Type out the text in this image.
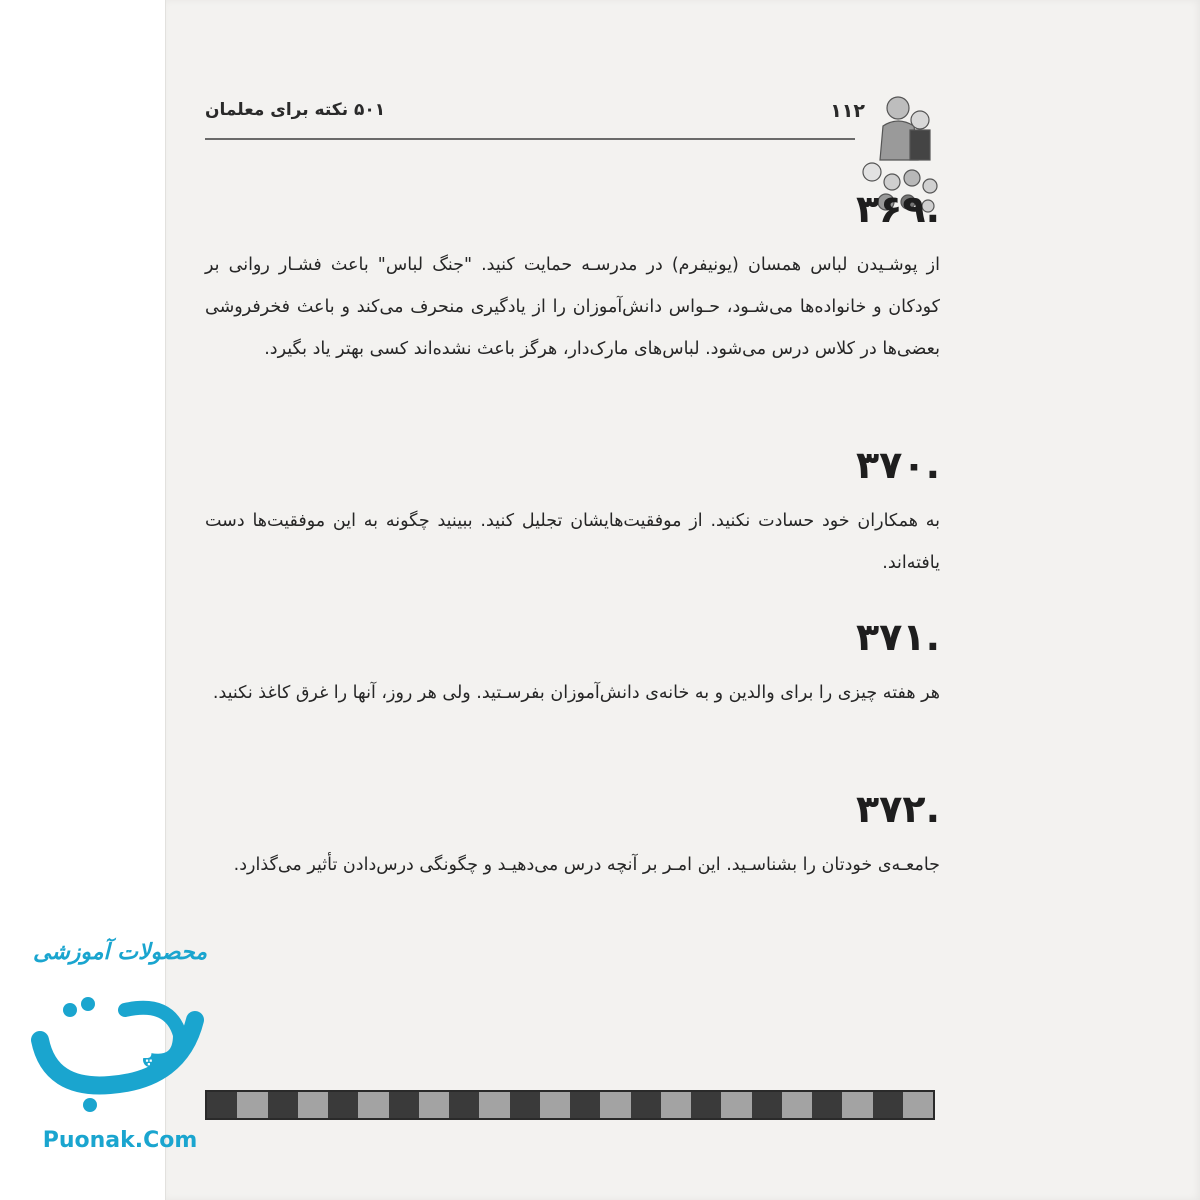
۱۱۲
۵۰۱ نکته برای معلمان
۳۶۹.
از پوشـیدن لباس همسان (یونیفرم) در مدرسـه حمایت کنید. "جنگ لباس" باعث فشـار روانی بر کودکان و خانواده‌ها می‌شـود، حـواس دانش‌آموزان را از یادگیری منحرف می‌کند و باعث فخرفروشی بعضی‌ها در کلاس درس می‌شود. لباس‌های مارک‌دار، هرگز باعث نشده‌اند کسی بهتر یاد بگیرد.
۳۷۰.
به همکاران خود حسادت نکنید. از موفقیت‌هایشان تجلیل کنید. ببینید چگونه به این موفقیت‌ها دست یافته‌اند.
۳۷۱.
هر هفته چیزی را برای والدین و به خانه‌ی دانش‌آموزان بفرسـتید. ولی هر روز، آنها را غرق کاغذ نکنید.
۳۷۲.
جامعـه‌ی خودتان را بشناسـید. این امـر بر آنچه درس می‌دهیـد و چگونگی درس‌دادن تأثیر می‌گذارد.
محصولات آموزشی
پونک
Puonak.Com
